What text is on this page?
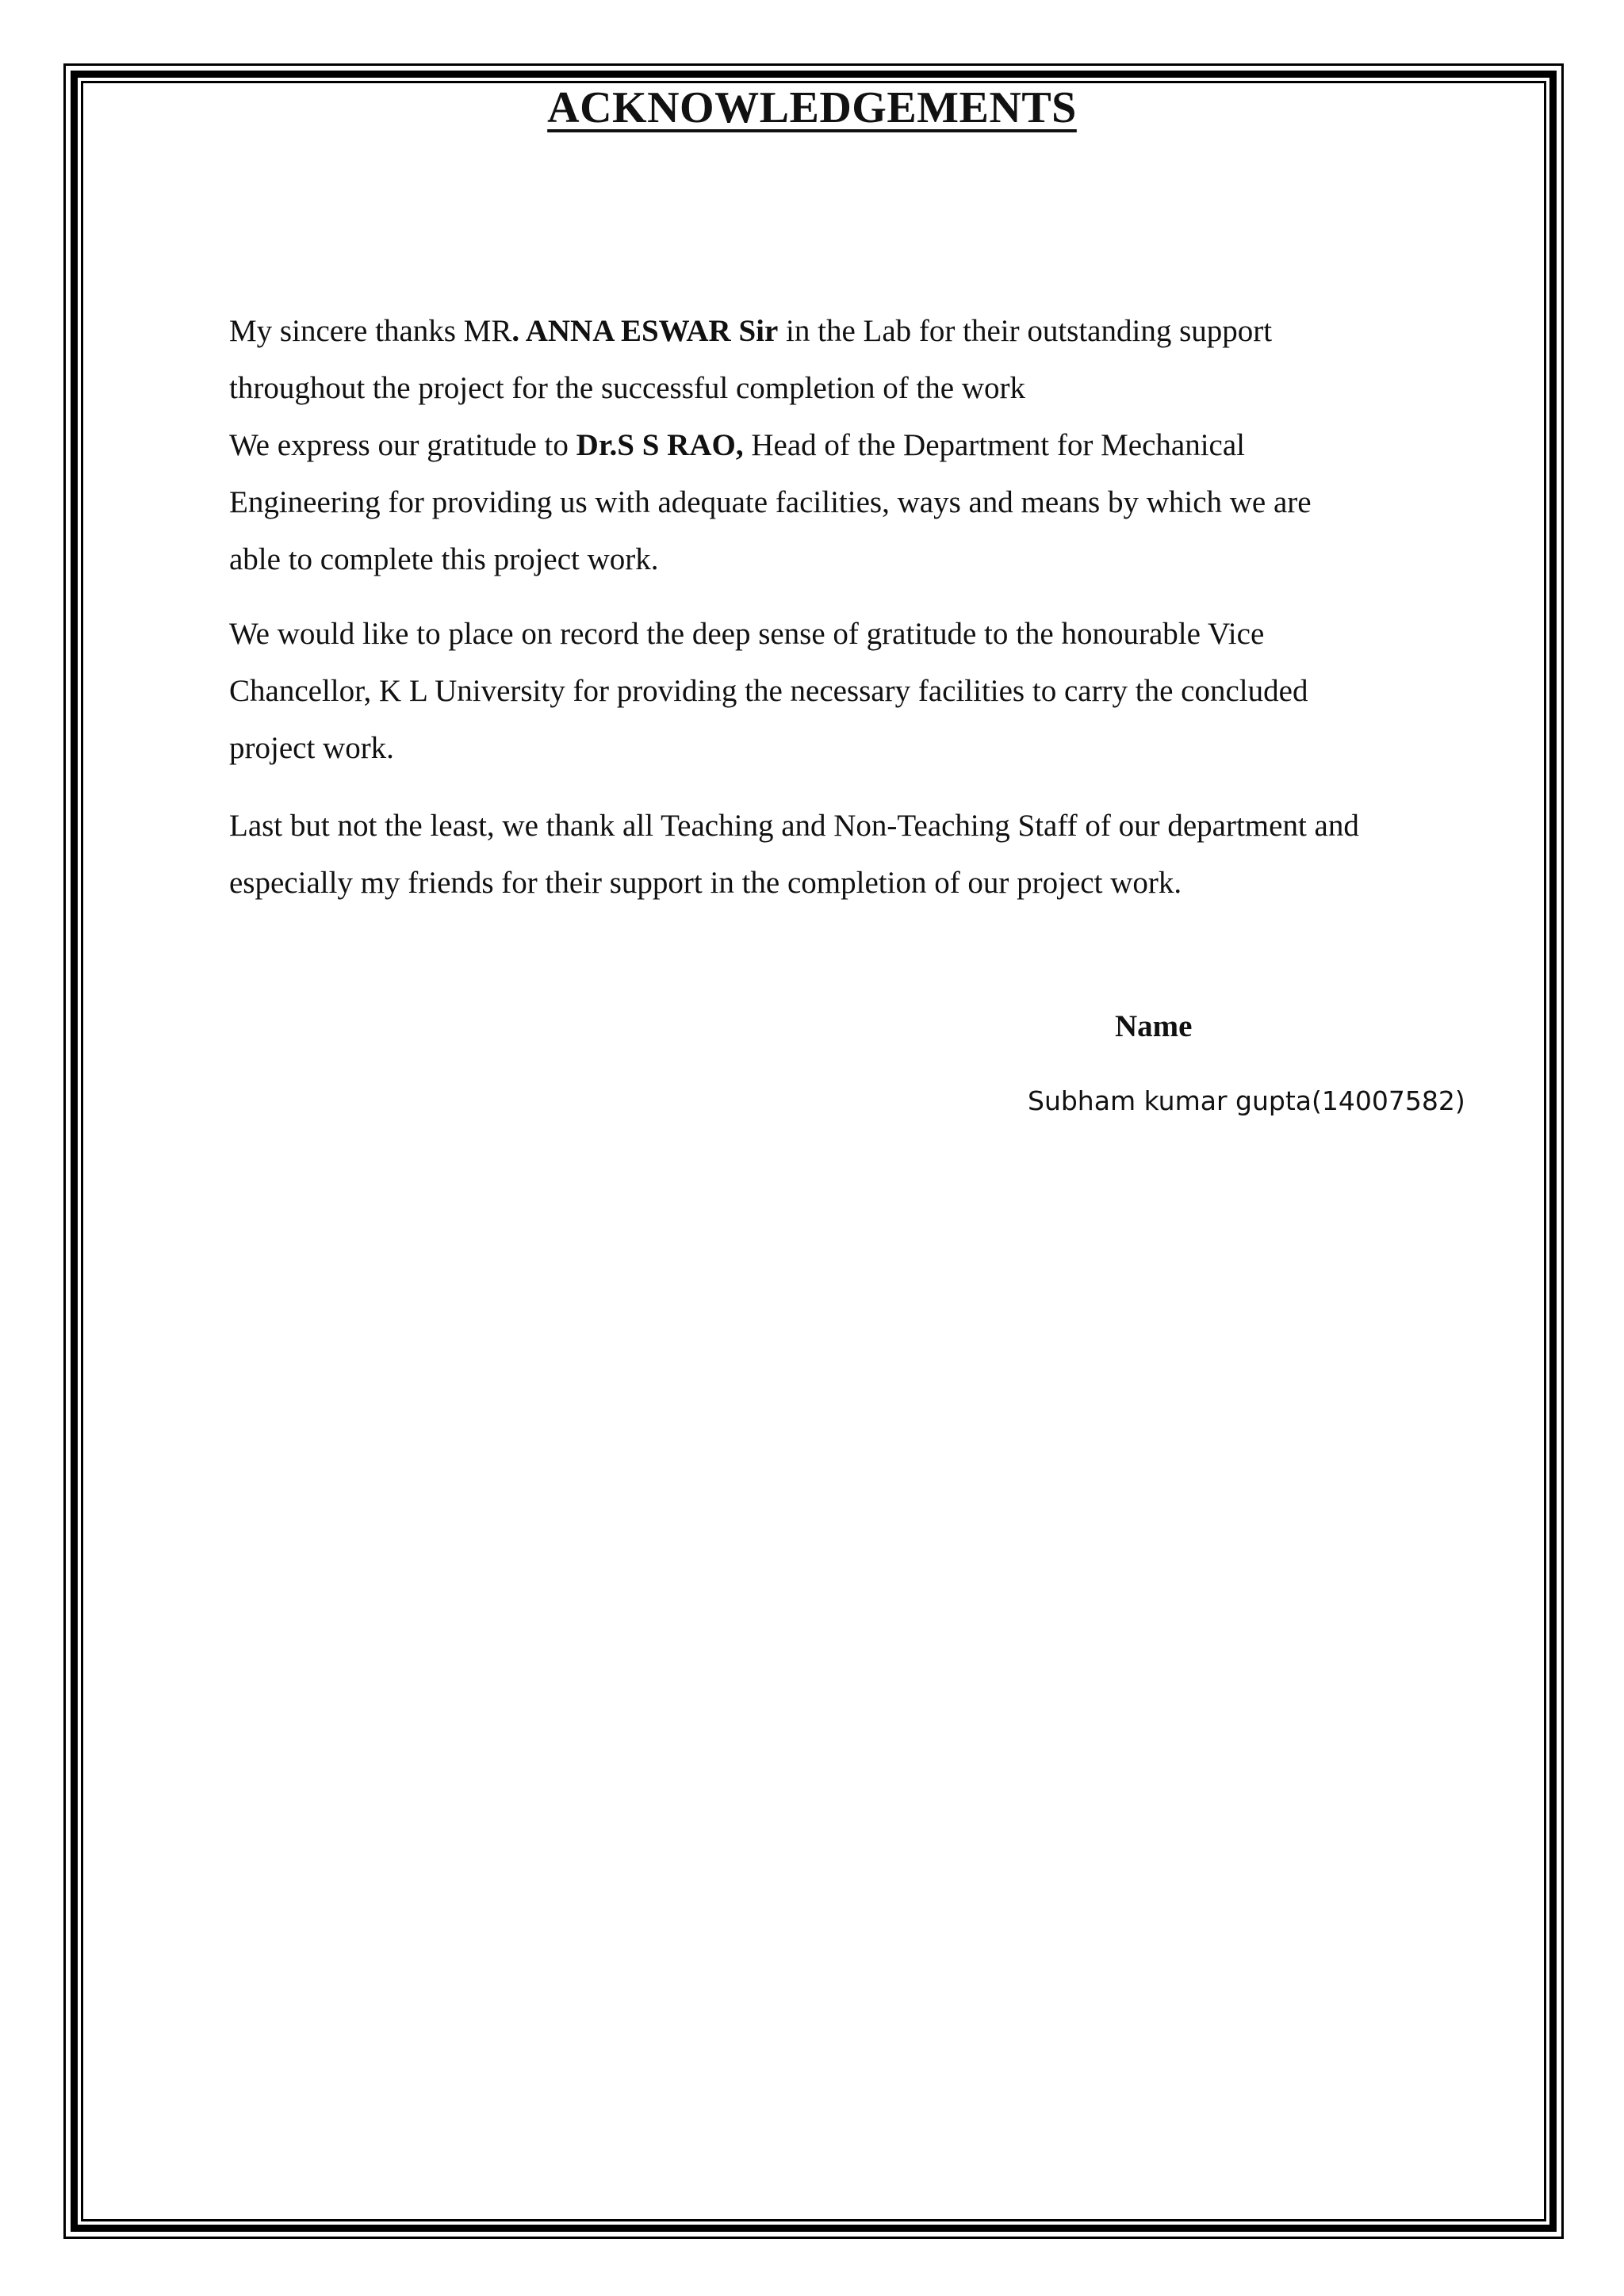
ACKNOWLEDGEMENTS

My sincere thanks MR. ANNA ESWAR Sir in the Lab for their outstanding support

throughout the project for the successful completion of the work

We express our gratitude to Dr.S S RAO, Head of the Department for Mechanical

Engineering for providing us with adequate facilities, ways and means by which we are

able to complete this project work.

We would like to place on record the deep sense of gratitude to the honourable Vice

Chancellor, K L University for providing the necessary facilities to carry the concluded

project work.

Last but not the least, we thank all Teaching and Non-Teaching Staff of our department and

especially my friends for their support in the completion of our project work.

Name
Subham kumar gupta(14007582)
